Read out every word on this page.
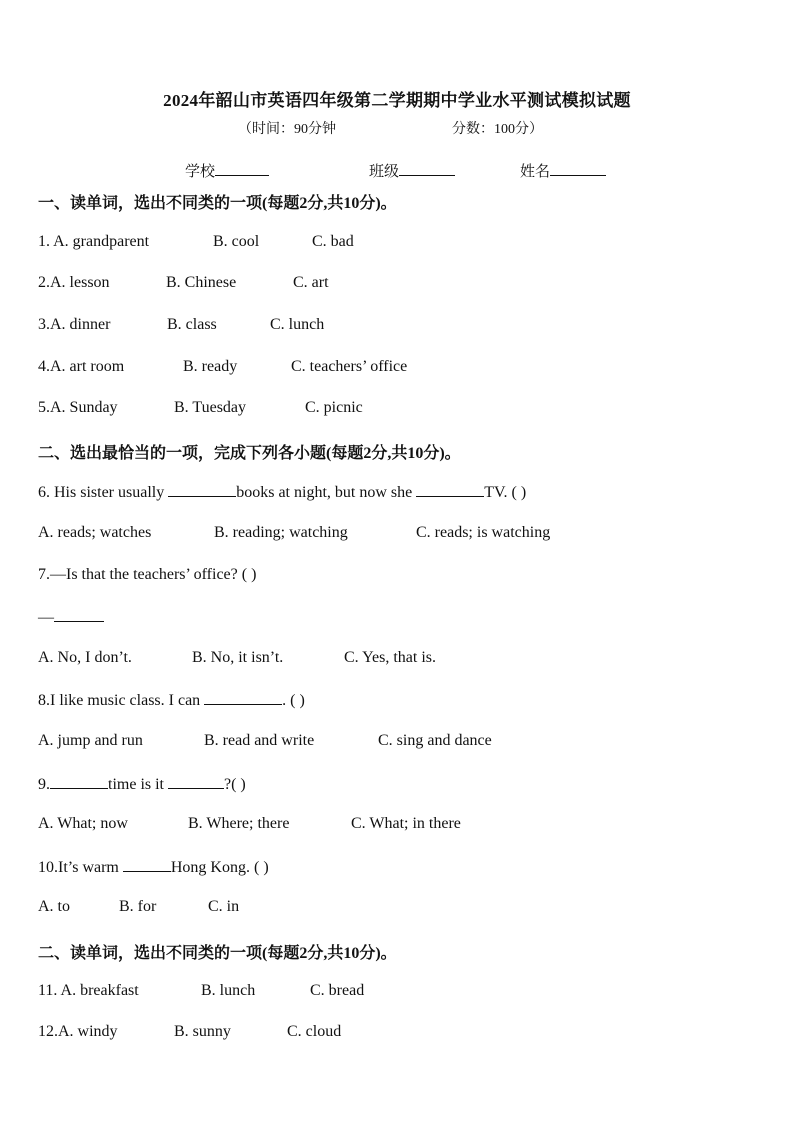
2024年韶山市英语四年级第二学期期中学业水平测试模拟试题
（时间：90分钟	分数：100分）
学校	班级	姓名
一、读单词，选出不同类的一项(每题2分,共10分)。
1. A. grandparent	B. cool	C. bad
2.A. lesson	B. Chinese	C. art
3.A. dinner	B. class	C. lunch
4.A. art room	B. ready	C. teachers’ office
5.A. Sunday	B. Tuesday	C. picnic
二、选出最恰当的一项，完成下列各小题(每题2分,共10分)。
6. His sister usually	books at night, but now she	TV. ( )
A. reads; watches	B. reading; watching	C. reads; is watching
7.—Is that the teachers’ office? ( )
—
A. No, I don’t.	B. No, it isn’t.	C. Yes, that is.
8.I like music class. I can	. ( )
A. jump and run	B. read and write	C. sing and dance
9.	time is it	?( )
A. What; now	B. Where; there	C. What; in there
10.It’s warm	Hong Kong. ( )
A. to	B. for	C. in
二、读单词，选出不同类的一项(每题2分,共10分)。
11. A. breakfast	B. lunch	C. bread
12.A. windy	B. sunny	C. cloud
